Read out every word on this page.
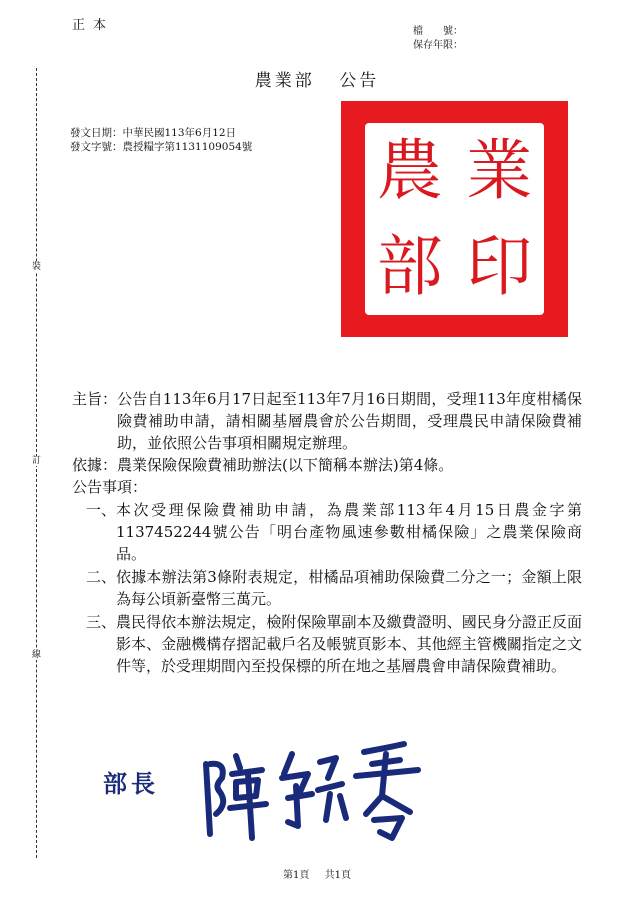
正本	檔　　號：
保存年限：
裝
訂
線
農業部 公告
發文日期：中華民國113年6月12日
發文字號：農授糧字第1131109054號 農 業
部 印
主旨： 公告自113年6月17日起至113年7月16日期間，受理113年度柑橘保險費補助申請，請相關基層農會於公告期間，受理農民申請保險費補助，並依照公告事項相關規定辦理。
依據： 農業保險保險費補助辦法(以下簡稱本辦法)第4條。
公告事項：
一、 本次受理保險費補助申請，為農業部113年4月15日農金字第1137452244號公告「明台產物風速參數柑橘保險」之農業保險商品。
二、 依據本辦法第3條附表規定，柑橘品項補助保險費二分之一；金額上限為每公頃新臺幣三萬元。
三、 農民得依本辦法規定，檢附保險單副本及繳費證明、國民身分證正反面影本、金融機構存摺記載戶名及帳號頁影本、其他經主管機關指定之文件等，於受理期間內至投保標的所在地之基層農會申請保險費補助。
部長
第1頁 共1頁
